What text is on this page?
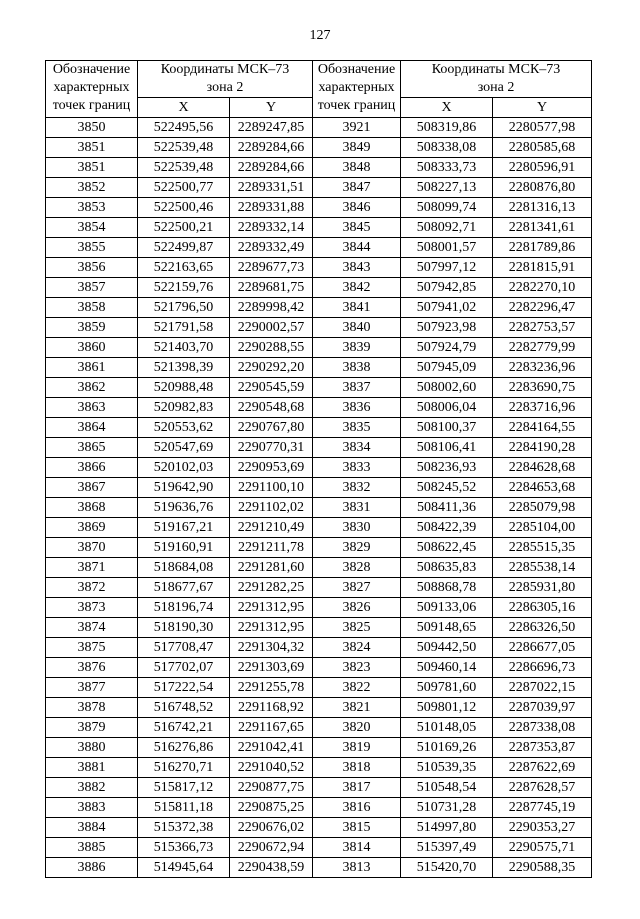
127
Обозначение
характерных
точек границ	Координаты МСК–73
зона 2		Обозначение
характерных
точек границ	Координаты МСК–73
зона 2	

	X	Y		X	Y
3850	522495,56	2289247,85	3921	508319,86	2280577,98
3851	522539,48	2289284,66	3849	508338,08	2280585,68
3851	522539,48	2289284,66	3848	508333,73	2280596,91
3852	522500,77	2289331,51	3847	508227,13	2280876,80
3853	522500,46	2289331,88	3846	508099,74	2281316,13
3854	522500,21	2289332,14	3845	508092,71	2281341,61
3855	522499,87	2289332,49	3844	508001,57	2281789,86
3856	522163,65	2289677,73	3843	507997,12	2281815,91
3857	522159,76	2289681,75	3842	507942,85	2282270,10
3858	521796,50	2289998,42	3841	507941,02	2282296,47
3859	521791,58	2290002,57	3840	507923,98	2282753,57
3860	521403,70	2290288,55	3839	507924,79	2282779,99
3861	521398,39	2290292,20	3838	507945,09	2283236,96
3862	520988,48	2290545,59	3837	508002,60	2283690,75
3863	520982,83	2290548,68	3836	508006,04	2283716,96
3864	520553,62	2290767,80	3835	508100,37	2284164,55
3865	520547,69	2290770,31	3834	508106,41	2284190,28
3866	520102,03	2290953,69	3833	508236,93	2284628,68
3867	519642,90	2291100,10	3832	508245,52	2284653,68
3868	519636,76	2291102,02	3831	508411,36	2285079,98
3869	519167,21	2291210,49	3830	508422,39	2285104,00
3870	519160,91	2291211,78	3829	508622,45	2285515,35
3871	518684,08	2291281,60	3828	508635,83	2285538,14
3872	518677,67	2291282,25	3827	508868,78	2285931,80
3873	518196,74	2291312,95	3826	509133,06	2286305,16
3874	518190,30	2291312,95	3825	509148,65	2286326,50
3875	517708,47	2291304,32	3824	509442,50	2286677,05
3876	517702,07	2291303,69	3823	509460,14	2286696,73
3877	517222,54	2291255,78	3822	509781,60	2287022,15
3878	516748,52	2291168,92	3821	509801,12	2287039,97
3879	516742,21	2291167,65	3820	510148,05	2287338,08
3880	516276,86	2291042,41	3819	510169,26	2287353,87
3881	516270,71	2291040,52	3818	510539,35	2287622,69
3882	515817,12	2290877,75	3817	510548,54	2287628,57
3883	515811,18	2290875,25	3816	510731,28	2287745,19
3884	515372,38	2290676,02	3815	514997,80	2290353,27
3885	515366,73	2290672,94	3814	515397,49	2290575,71
3886	514945,64	2290438,59	3813	515420,70	2290588,35
